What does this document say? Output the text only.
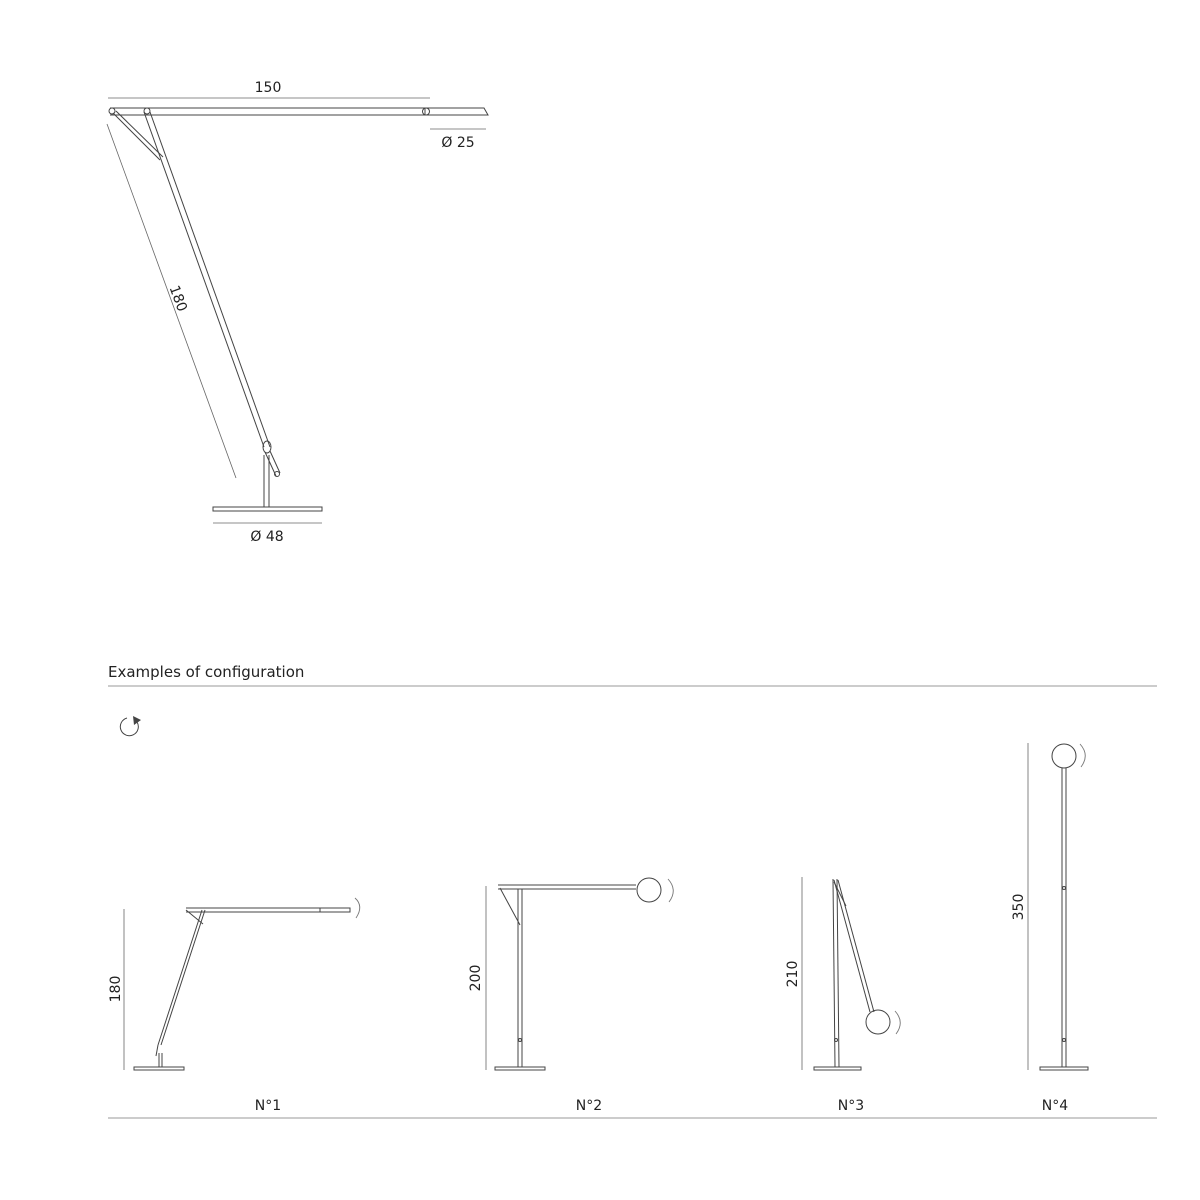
150
Ø 25
180
Ø 48
Examples of configuration
180
N°1
200
N°2
210
N°3
350
N°4
